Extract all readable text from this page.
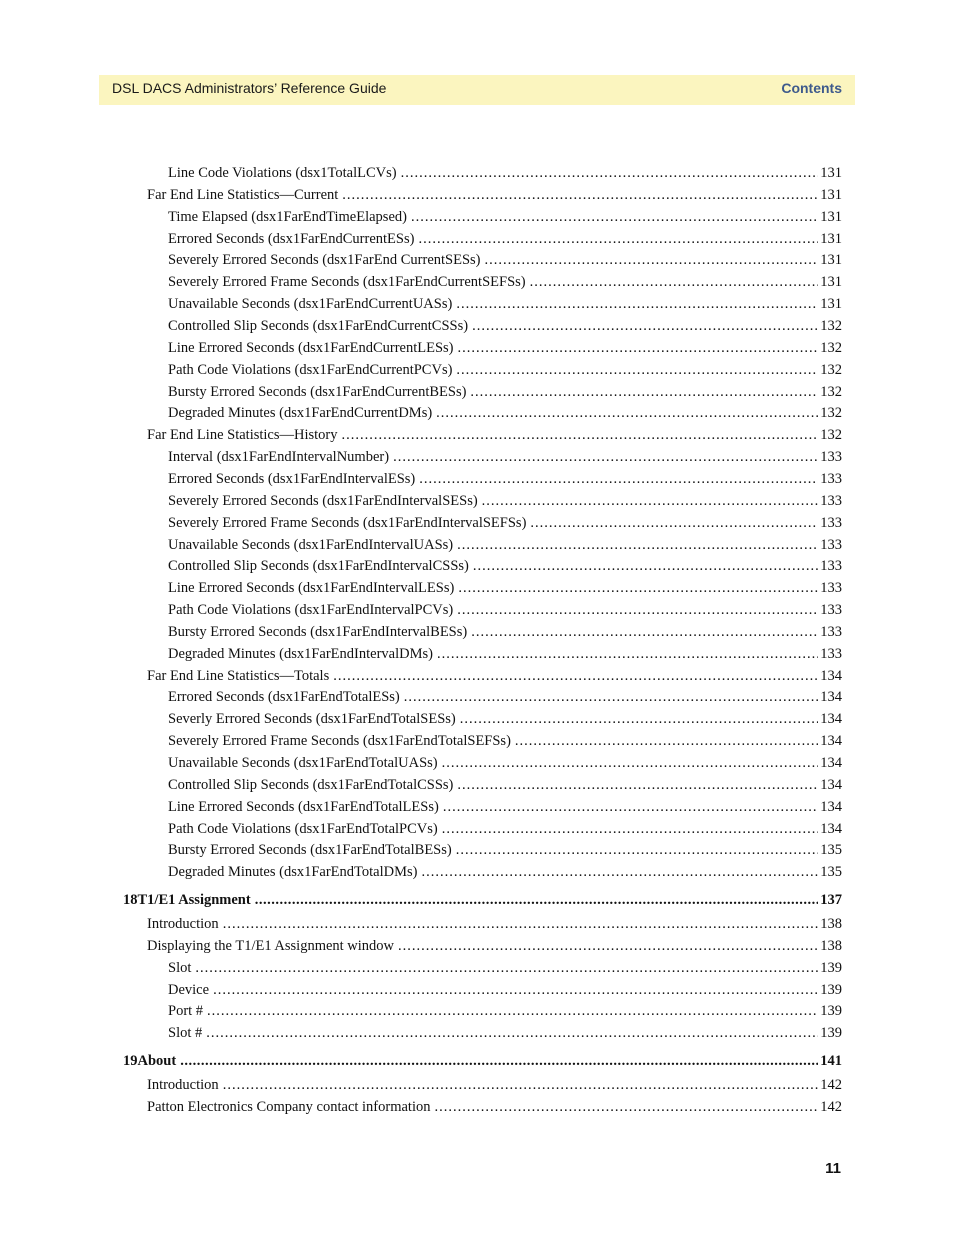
DSL DACS Administrators’ Reference Guide	Contents
Line Code Violations (dsx1TotalLCVs) .....	131
Far End Line Statistics—Current .....	131
Time Elapsed (dsx1FarEndTimeElapsed) .....	131
Errored Seconds (dsx1FarEndCurrentESs) .....	131
Severely Errored Seconds (dsx1FarEnd CurrentSESs) .....	131
Severely Errored Frame Seconds (dsx1FarEndCurrentSEFSs) .....	131
Unavailable Seconds (dsx1FarEndCurrentUASs) .....	131
Controlled Slip Seconds (dsx1FarEndCurrentCSSs) .....	132
Line Errored Seconds (dsx1FarEndCurrentLESs) .....	132
Path Code Violations (dsx1FarEndCurrentPCVs) .....	132
Bursty Errored Seconds (dsx1FarEndCurrentBESs) .....	132
Degraded Minutes (dsx1FarEndCurrentDMs) .....	132
Far End Line Statistics—History .....	132
Interval (dsx1FarEndIntervalNumber) .....	133
Errored Seconds (dsx1FarEndIntervalESs) .....	133
Severely Errored Seconds (dsx1FarEndIntervalSESs) .....	133
Severely Errored Frame Seconds (dsx1FarEndIntervalSEFSs) .....	133
Unavailable Seconds (dsx1FarEndIntervalUASs) .....	133
Controlled Slip Seconds (dsx1FarEndIntervalCSSs) .....	133
Line Errored Seconds (dsx1FarEndIntervalLESs) .....	133
Path Code Violations (dsx1FarEndIntervalPCVs) .....	133
Bursty Errored Seconds (dsx1FarEndIntervalBESs) .....	133
Degraded Minutes (dsx1FarEndIntervalDMs) .....	133
Far End Line Statistics—Totals .....	134
Errored Seconds (dsx1FarEndTotalESs) .....	134
Severly Errored Seconds (dsx1FarEndTotalSESs) .....	134
Severely Errored Frame Seconds (dsx1FarEndTotalSEFSs) .....	134
Unavailable Seconds (dsx1FarEndTotalUASs) .....	134
Controlled Slip Seconds (dsx1FarEndTotalCSSs) .....	134
Line Errored Seconds (dsx1FarEndTotalLESs) .....	134
Path Code Violations (dsx1FarEndTotalPCVs) .....	134
Bursty Errored Seconds (dsx1FarEndTotalBESs) .....	135
Degraded Minutes (dsx1FarEndTotalDMs) .....	135
18 T1/E1 Assignment .....	137
Introduction .....	138
Displaying the T1/E1 Assignment window .....	138
Slot .....	139
Device .....	139
Port # .....	139
Slot # .....	139
19 About .....	141
Introduction .....	142
Patton Electronics Company contact information .....	142
11
